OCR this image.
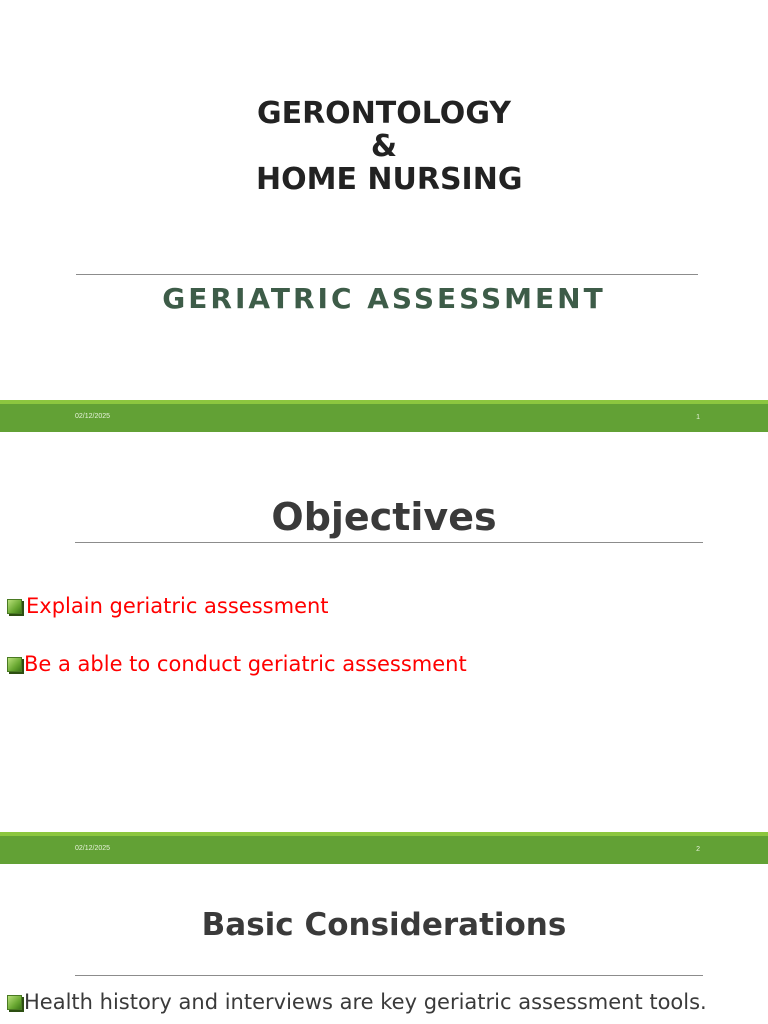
GERONTOLOGY
&
HOME NURSING
GERIATRIC ASSESSMENT
02/12/2025	1
Objectives
Explain geriatric assessment
Be a able to conduct geriatric assessment
02/12/2025	2
Basic Considerations
Health history and interviews are key geriatric assessment tools.
